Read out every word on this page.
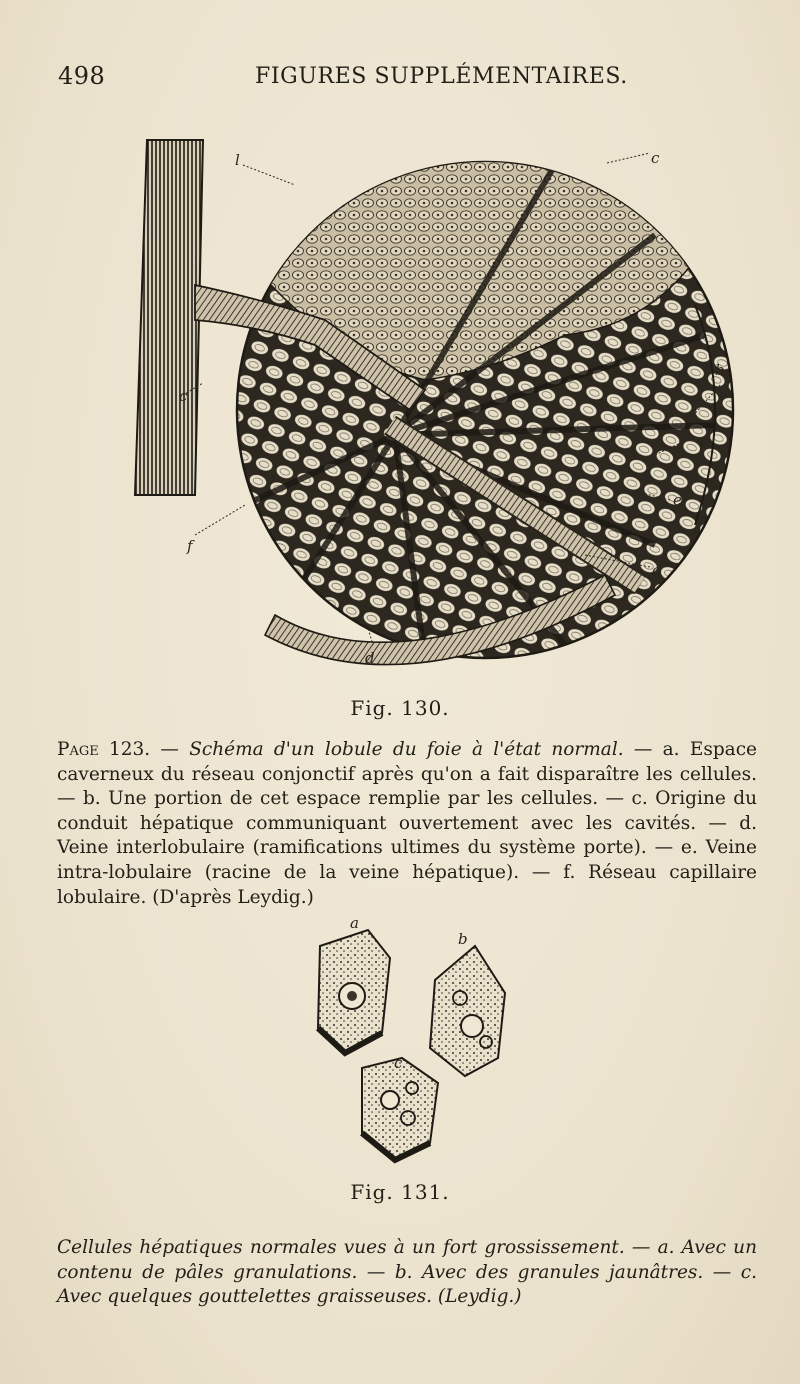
498	FIGURES SUPPLÉMENTAIRES.
l	c
c
b
c
e
f
a
d
Fig. 130.

Page 123. — Schéma d'un lobule du foie à l'état normal. — a. Espace caverneux du réseau conjonctif après qu'on a fait disparaître les cellules. — b. Une portion de cet espace remplie par les cellules. — c. Origine du conduit hépatique communiquant ouvertement avec les cavités. — d. Veine interlobulaire (ramifications ultimes du système porte). — e. Veine intra-lobulaire (racine de la veine hépatique). — f. Réseau capillaire lobulaire. (D'après Leydig.)

a
b
c
Fig. 131.

Cellules hépatiques normales vues à un fort grossissement. — a. Avec un contenu de pâles granulations. — b. Avec des granules jaunâtres. — c. Avec quelques gouttelettes graisseuses. (Leydig.)
